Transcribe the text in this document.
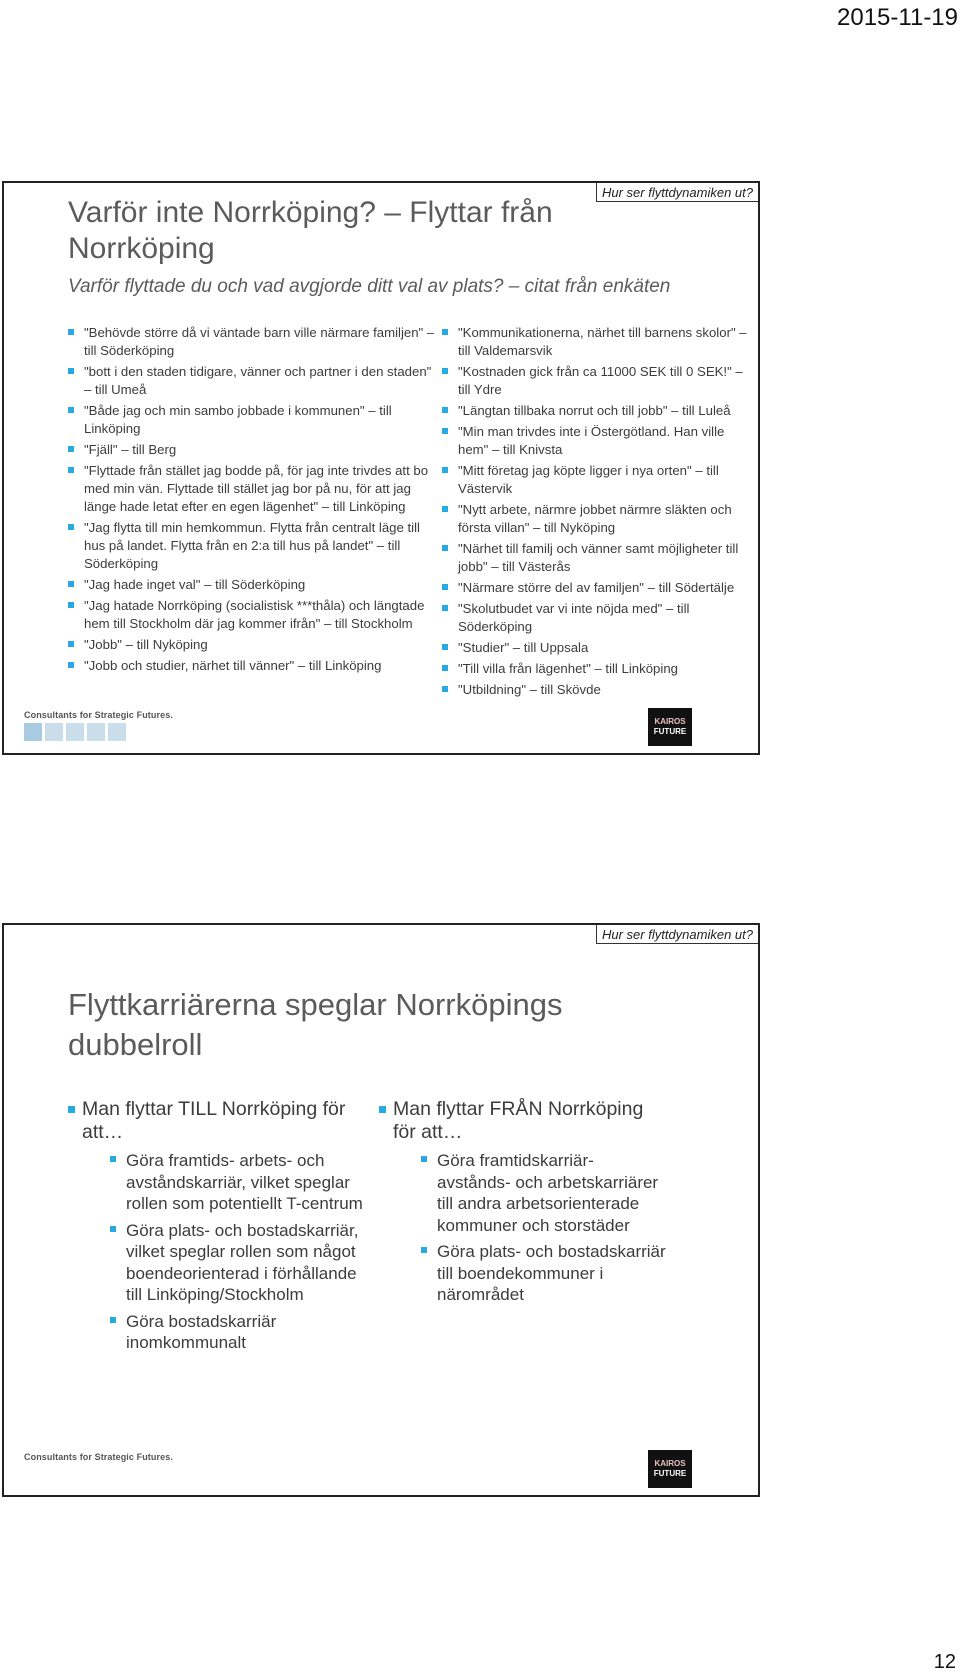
2015-11-19
Hur ser flyttdynamiken ut?
Varför inte Norrköping? – Flyttar från Norrköping
Varför flyttade du och vad avgjorde ditt val av plats? – citat från enkäten
"Behövde större då vi väntade barn ville närmare familjen" – till Söderköping
"bott i den staden tidigare, vänner och partner i den staden" – till Umeå
"Både jag och min sambo jobbade i kommunen" – till Linköping
"Fjäll" – till Berg
"Flyttade från stället jag bodde på, för jag inte trivdes att bo med min vän. Flyttade till stället jag bor på nu, för att jag länge hade letat efter en egen lägenhet" – till Linköping
"Jag flytta till min hemkommun. Flytta från centralt läge till hus på landet. Flytta från en 2:a till hus på landet" – till Söderköping
"Jag hade inget val" – till Söderköping
"Jag hatade Norrköping (socialistisk ***thåla) och längtade hem till Stockholm där jag kommer ifrån" – till Stockholm
"Jobb" – till Nyköping
"Jobb och studier, närhet till vänner" – till Linköping
"Kommunikationerna, närhet till barnens skolor" – till Valdemarsvik
"Kostnaden gick från ca 11000 SEK till 0 SEK!" – till Ydre
"Längtan tillbaka norrut och till jobb" – till Luleå
"Min man trivdes inte i Östergötland. Han ville hem" – till Knivsta
"Mitt företag jag köpte ligger i nya orten" – till Västervik
"Nytt arbete, närmre jobbet närmre släkten och första villan" – till Nyköping
"Närhet till familj och vänner samt möjligheter till jobb" – till Västerås
"Närmare större del av familjen" – till Södertälje
"Skolutbudet var vi inte nöjda med" – till Söderköping
"Studier" – till Uppsala
"Till villa från lägenhet" – till Linköping
"Utbildning" – till Skövde
Consultants for Strategic Futures.
KAIROS
FUTURE
Hur ser flyttdynamiken ut?
Flyttkarriärerna speglar Norrköpings dubbelroll
Man flyttar TILL Norrköping för att…
Göra framtids- arbets- och avståndskarriär, vilket speglar rollen som potentiellt T-centrum
Göra plats- och bostadskarriär, vilket speglar rollen som något boendeorienterad i förhållande till Linköping/Stockholm
Göra bostadskarriär inomkommunalt
Man flyttar FRÅN Norrköping för att…
Göra framtidskarriär- avstånds- och arbetskarriärer till andra arbetsorienterade kommuner och storstäder
Göra plats- och bostadskarriär till boendekommuner i närområdet
Consultants for Strategic Futures.
KAIROS
FUTURE
12
